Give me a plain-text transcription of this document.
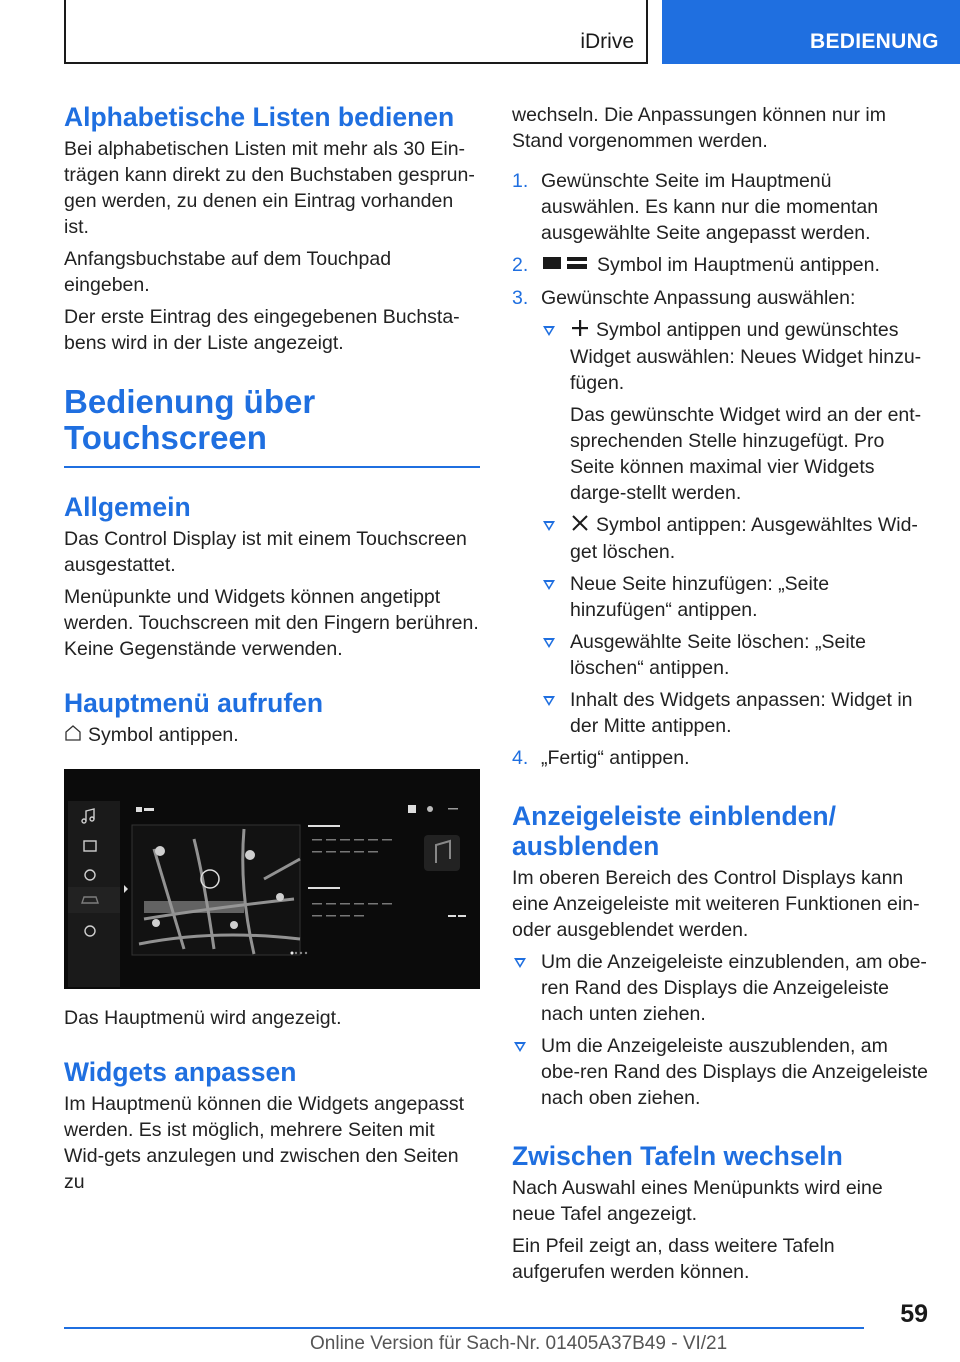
iDrive	BEDIENUNG
Alphabetische Listen bedienen

Bei alphabetischen Listen mit mehr als 30 Ein-trägen kann direkt zu den Buchstaben gesprun-gen werden, zu denen ein Eintrag vorhanden ist.

Anfangsbuchstabe auf dem Touchpad eingeben.

Der erste Eintrag des eingegebenen Buchsta-bens wird in der Liste angezeigt.

Bedienung über Touchscreen
Allgemein

Das Control Display ist mit einem Touchscreen ausgestattet.

Menüpunkte und Widgets können angetippt werden. Touchscreen mit den Fingern berühren. Keine Gegenstände verwenden.

Hauptmenü aufrufen

Symbol antippen.

Das Hauptmenü wird angezeigt.

Widgets anpassen

Im Hauptmenü können die Widgets angepasst werden. Es ist möglich, mehrere Seiten mit Wid-gets anzulegen und zwischen den Seiten zu

wechseln. Die Anpassungen können nur im Stand vorgenommen werden.

1. Gewünschte Seite im Hauptmenü auswählen. Es kann nur die momentan ausgewählte Seite angepasst werden.

2.	Symbol im Hauptmenü antippen.

3. Gewünschte Anpassung auswählen:

Symbol antippen und gewünschtes Widget auswählen: Neues Widget hinzu-fügen.

Das gewünschte Widget wird an der ent-sprechenden Stelle hinzugefügt. Pro Seite können maximal vier Widgets darge-stellt werden.

Symbol antippen: Ausgewähltes Wid-get löschen.

Neue Seite hinzufügen: „Seite hinzufügen“ antippen.

Ausgewählte Seite löschen: „Seite löschen“ antippen.

Inhalt des Widgets anpassen: Widget in der Mitte antippen.

4. „Fertig“ antippen.

Anzeigeleiste einblenden/ ausblenden

Im oberen Bereich des Control Displays kann eine Anzeigeleiste mit weiteren Funktionen ein- oder ausgeblendet werden.

Um die Anzeigeleiste einzublenden, am obe-ren Rand des Displays die Anzeigeleiste nach unten ziehen.

Um die Anzeigeleiste auszublenden, am obe-ren Rand des Displays die Anzeigeleiste nach oben ziehen.

Zwischen Tafeln wechseln

Nach Auswahl eines Menüpunkts wird eine neue Tafel angezeigt.

Ein Pfeil zeigt an, dass weitere Tafeln aufgerufen werden können.

59
Online Version für Sach-Nr. 01405A37B49 - VI/21
